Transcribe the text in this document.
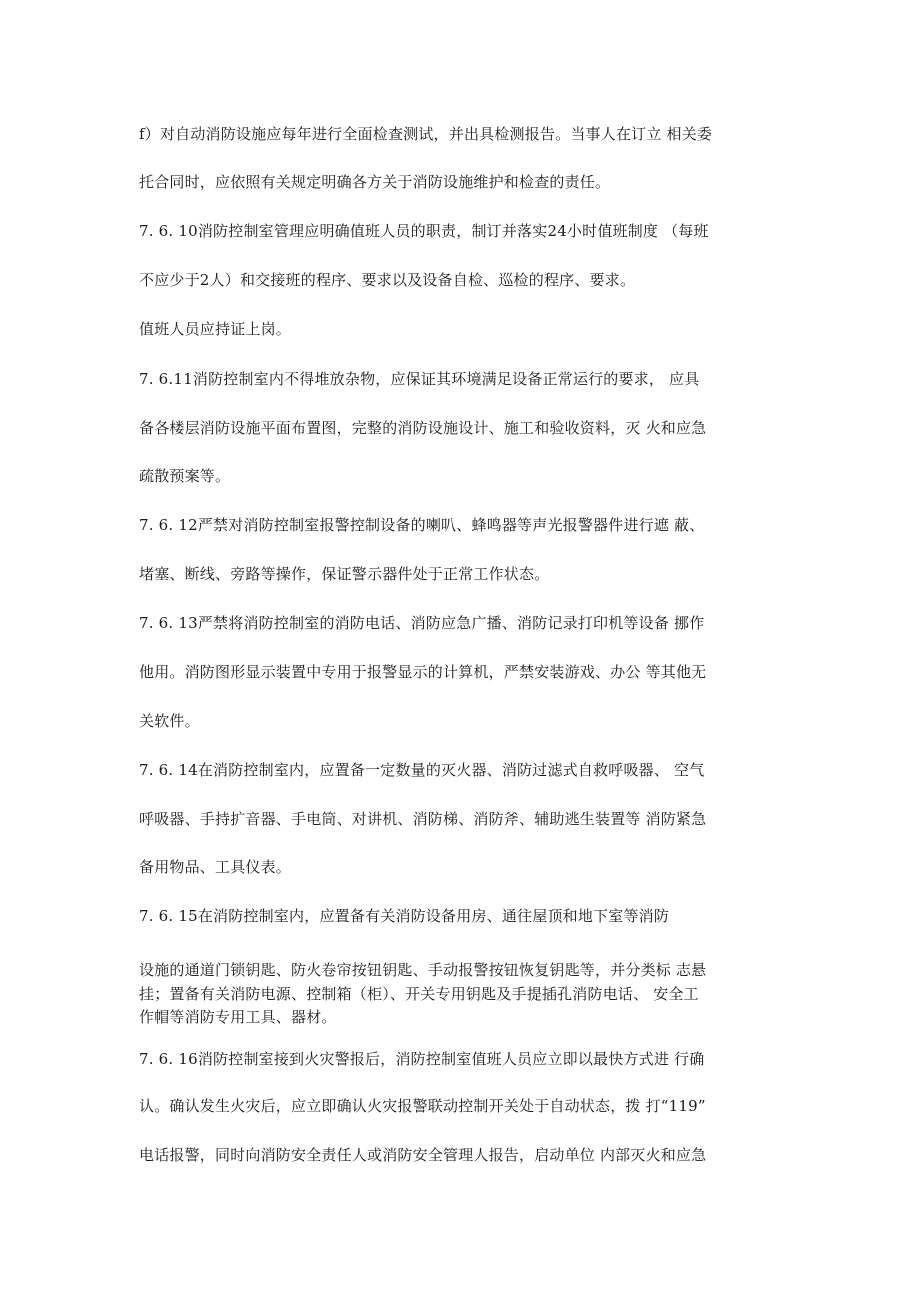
f）对自动消防设施应每年进行全面检查测试，并出具检测报告。当事人在订立 相关委
托合同时，应依照有关规定明确各方关于消防设施维护和检查的责任。
7. 6. 10消防控制室管理应明确值班人员的职责，制订并落实24小时值班制度 （每班
不应少于2人）和交接班的程序、要求以及设备自检、巡检的程序、要求。
值班人员应持证上岗。
7. 6.11消防控制室内不得堆放杂物，应保证其环境满足设备正常运行的要求， 应具
备各楼层消防设施平面布置图，完整的消防设施设计、施工和验收资料，灭 火和应急
疏散预案等。
7. 6. 12严禁对消防控制室报警控制设备的喇叭、蜂鸣器等声光报警器件进行遮 蔽、
堵塞、断线、旁路等操作，保证警示器件处于正常工作状态。
7. 6. 13严禁将消防控制室的消防电话、消防应急广播、消防记录打印机等设备 挪作
他用。消防图形显示装置中专用于报警显示的计算机，严禁安装游戏、办公 等其他无
关软件。
7. 6. 14在消防控制室内，应置备一定数量的灭火器、消防过滤式自救呼吸器、 空气
呼吸器、手持扩音器、手电筒、对讲机、消防梯、消防斧、辅助逃生装置等 消防紧急
备用物品、工具仪表。
7. 6. 15在消防控制室内，应置备有关消防设备用房、通往屋顶和地下室等消防
设施的通道门锁钥匙、防火卷帘按钮钥匙、手动报警按钮恢复钥匙等，并分类标 志悬
挂；置备有关消防电源、控制箱（柜）、开关专用钥匙及手提插孔消防电话、 安全工
作帽等消防专用工具、器材。
7. 6. 16消防控制室接到火灾警报后，消防控制室值班人员应立即以最快方式进 行确
认。确认发生火灾后，应立即确认火灾报警联动控制开关处于自动状态，拨 打“119”
电话报警，同时向消防安全责任人或消防安全管理人报告，启动单位 内部灭火和应急
